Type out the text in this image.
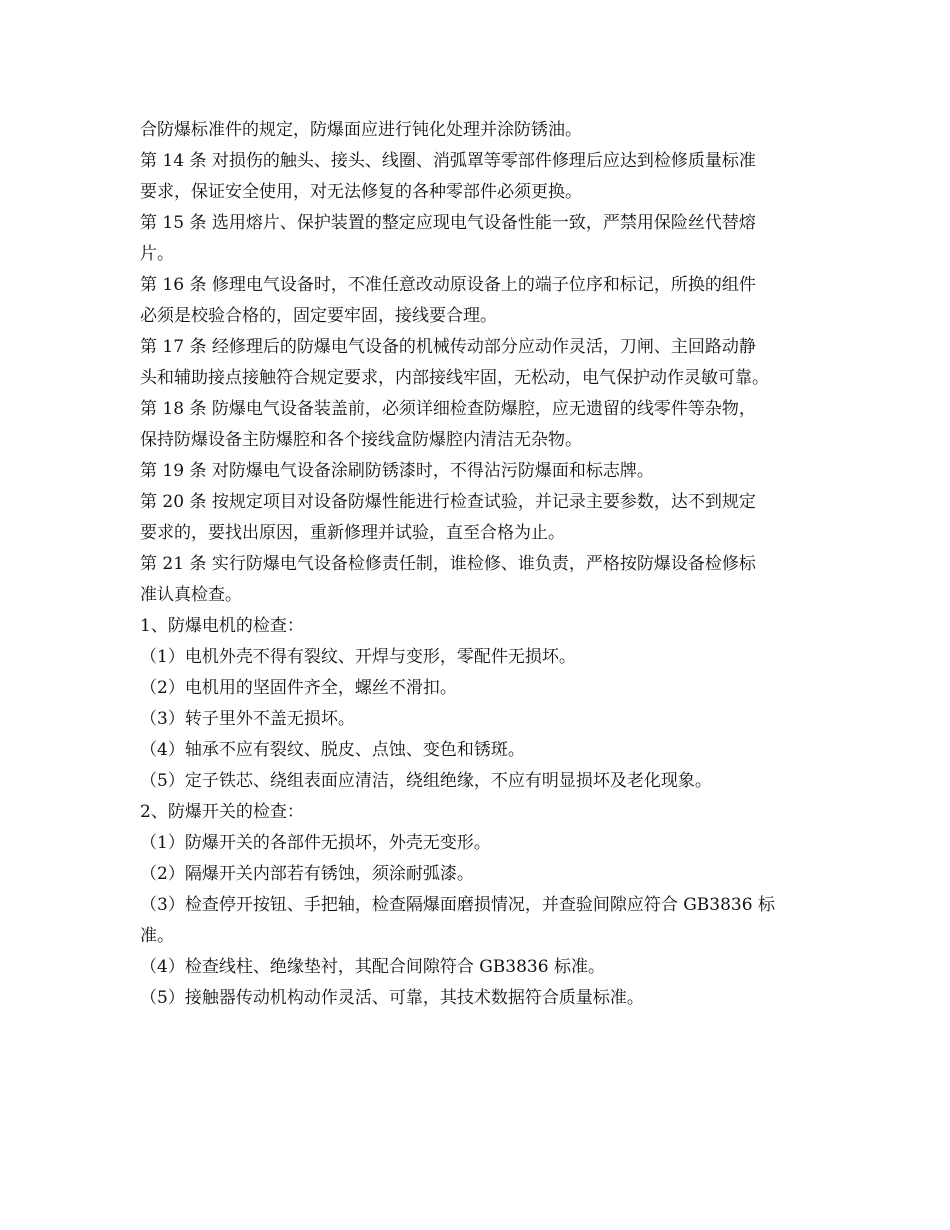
合防爆标准件的规定，防爆面应进行钝化处理并涂防锈油。
第 14 条 对损伤的触头、接头、线圈、消弧罩等零部件修理后应达到检修质量标准
要求，保证安全使用，对无法修复的各种零部件必须更换。
第 15 条 选用熔片、保护装置的整定应现电气设备性能一致，严禁用保险丝代替熔
片。
第 16 条 修理电气设备时，不准任意改动原设备上的端子位序和标记，所换的组件
必须是校验合格的，固定要牢固，接线要合理。
第 17 条 经修理后的防爆电气设备的机械传动部分应动作灵活，刀闸、主回路动静
头和辅助接点接触符合规定要求，内部接线牢固，无松动，电气保护动作灵敏可靠。
第 18 条 防爆电气设备装盖前，必须详细检查防爆腔，应无遗留的线零件等杂物，
保持防爆设备主防爆腔和各个接线盒防爆腔内清洁无杂物。
第 19 条 对防爆电气设备涂刷防锈漆时，不得沾污防爆面和标志牌。
第 20 条 按规定项目对设备防爆性能进行检查试验，并记录主要参数，达不到规定
要求的，要找出原因，重新修理并试验，直至合格为止。
第 21 条 实行防爆电气设备检修责任制，谁检修、谁负责，严格按防爆设备检修标
准认真检查。
1、防爆电机的检查：
（1）电机外壳不得有裂纹、开焊与变形，零配件无损坏。
（2）电机用的坚固件齐全，螺丝不滑扣。
（3）转子里外不盖无损坏。
（4）轴承不应有裂纹、脱皮、点蚀、变色和锈斑。
（5）定子铁芯、绕组表面应清洁，绕组绝缘，不应有明显损坏及老化现象。
2、防爆开关的检查：
（1）防爆开关的各部件无损坏，外壳无变形。
（2）隔爆开关内部若有锈蚀，须涂耐弧漆。
（3）检查停开按钮、手把轴，检查隔爆面磨损情况，并查验间隙应符合 GB3836 标
准。
（4）检查线柱、绝缘垫衬，其配合间隙符合 GB3836 标准。
（5）接触器传动机构动作灵活、可靠，其技术数据符合质量标准。
